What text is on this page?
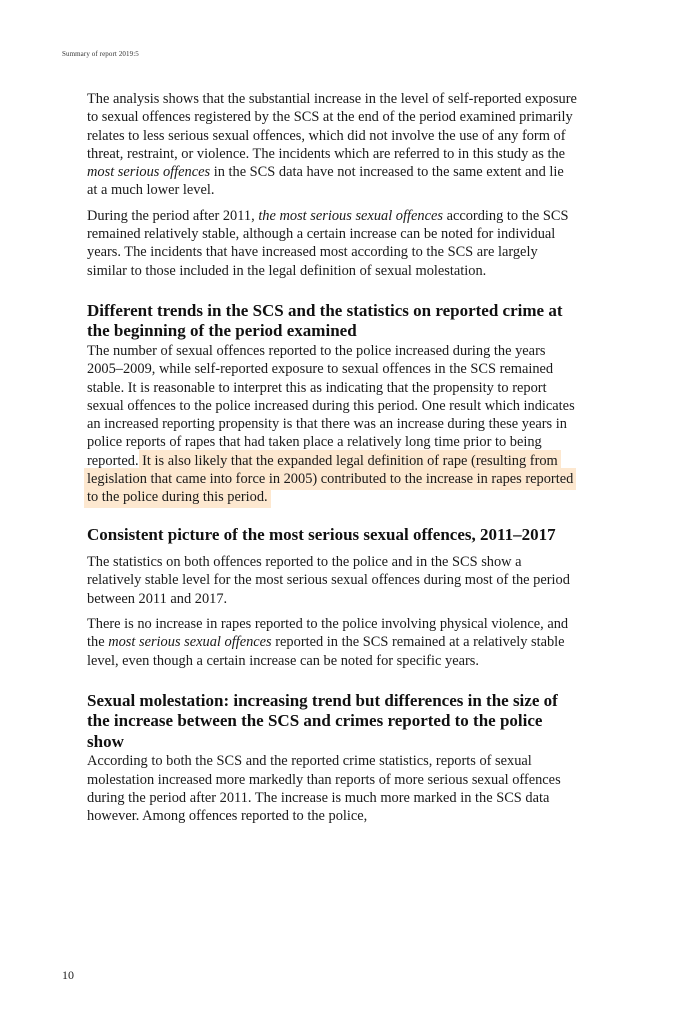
Summary of report 2019:5

The analysis shows that the substantial increase in the level of self-reported exposure to sexual offences registered by the SCS at the end of the period examined primarily relates to less serious sexual offences, which did not involve the use of any form of threat, restraint, or violence. The incidents which are referred to in this study as the most serious offences in the SCS data have not increased to the same extent and lie at a much lower level.

During the period after 2011, the most serious sexual offences according to the SCS remained relatively stable, although a certain increase can be noted for individual years. The incidents that have increased most according to the SCS are largely similar to those included in the legal definition of sexual molestation.

Different trends in the SCS and the statistics on reported crime at the beginning of the period examined

The number of sexual offences reported to the police increased during the years 2005–2009, while self-reported exposure to sexual offences in the SCS remained stable. It is reasonable to interpret this as indicating that the propensity to report sexual offences to the police increased during this period. One result which indicates an increased reporting propensity is that there was an increase during these years in police reports of rapes that had taken place a relatively long time prior to being reported. It is also likely that the expanded legal definition of rape (resulting from legislation that came into force in 2005) contributed to the increase in rapes reported to the police during this period.

Consistent picture of the most serious sexual offences, 2011–2017

The statistics on both offences reported to the police and in the SCS show a relatively stable level for the most serious sexual offences during most of the period between 2011 and 2017.

There is no increase in rapes reported to the police involving physical violence, and the most serious sexual offences reported in the SCS remained at a relatively stable level, even though a certain increase can be noted for specific years.

Sexual molestation: increasing trend but differences in the size of the increase between the SCS and crimes reported to the police show

According to both the SCS and the reported crime statistics, reports of sexual molestation increased more markedly than reports of more serious sexual offences during the period after 2011. The increase is much more marked in the SCS data however. Among offences reported to the police,

10
